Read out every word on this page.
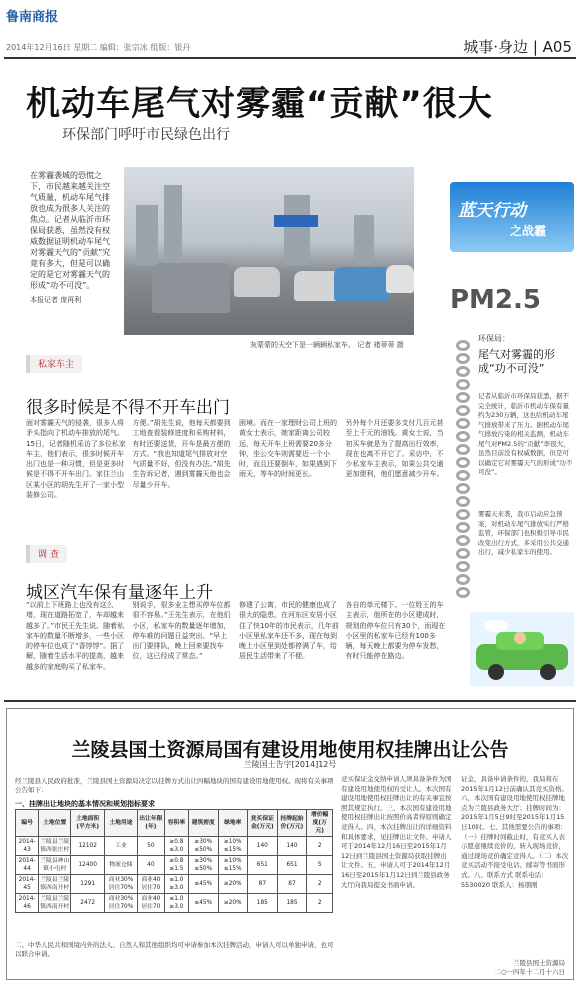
鲁南商报
2014年12月16日 星期二 编辑：张宗冰 组版：银丹	城事·身边 | A05
机动车尾气对雾霾“贡献”很大
环保部门呼吁市民绿色出行
在雾霾袭城的恐慌之下，市民越来越关注空气质量，机动车尾气排放也成为很多人关注的焦点。记者从临沂市环保局获悉，虽然没有权威数据证明机动车尾气对雾霾天气的“贡献”究竟有多大，但是可以确定的是它对雾霾天气的形成“功不可没”。
本报记者 庞再利
灰蒙蒙的天空下是一辆辆私家车。 记者 褚蒂蒂 摄
蓝天行动
之战霾
PM2.5
环保局：
尾气对雾霾的形成“功不可没”
记者从临沂市环保局获悉，据不完全统计，临沂市机动车保有量约为230万辆，这也给机动车尾气排放带来了压力。据机动车尾气排放污染的相关监测，机动车尾气对PM2.5的“贡献”率很大，虽然目前没有权威数据，但是可以确定它对雾霾天气的形成“功不可没”。
雾霾天来袭，我市启动应急预案，对机动车尾气排放实行严格监管，环保部门也积极引导市民改变出行方式，多采用公共交通出行，减少私家车的使用。
私家车主
很多时候是不得不开车出门
面对雾霾天气的侵袭，很多人将矛头指向了机动车排放的尾气。15日，记者随机采访了多位私家车主，他们表示，很多时候开车出门也是一种习惯，但是更多时候是不得不开车出门。家住兰山区某小区的胡先生开了一家小型装修公司。
方便。”胡先生说，他每天都要到工地查看装修进度和采购材料，有时还要送货，开车是最方便的方式。“我也知道尾气排放对空气质量不好，但没有办法。”胡先生告诉记者，遇到雾霾天他也会尽量少开车。
困境。而在一家理财公司上班的黄女士表示，她家距离公司较远，每天开车上班需要20多分钟，坐公交车则需要近一个小时，而且还要倒车，如果遇到下雨天，等车的时间更长。
另外每个月还要多支付几百元甚至上千元的油钱。黄女士说，当初买车就是为了提高出行效率，现在也离不开它了。采访中，不少私家车主表示，如果公共交通更加便利，他们愿意减少开车。
调 查
城区汽车保有量逐年上升
“以前上下班路上也没有这么堵，现在道路拓宽了，车却越来越多了。”市民王先生说。随着私家车的数量不断增多，一些小区的停车位也成了“香饽饽”。据了解，随着生活水平的提高，越来越多的家庭购买了私家车。
别说手，很多业主想买停车位都很不容易。”王先生表示，在他们小区，私家车的数量逐年增加，停车难的问题日益突出。“早上出门要排队，晚上回来要找车位，这已经成了常态。”
修建了公寓，市民的健康也成了很大的隐患。在河东区安居小区住了快10年的市民表示，几年前小区里私家车还不多，现在每到晚上小区里到处都停满了车，给居民生活带来了不便。
各自的单元楼下。一位姓王的车主表示，他所在的小区建成时，规划的停车位只有30个，而现在小区里的私家车已经有100多辆，每天晚上都要为停车发愁，有时只能停在路边。
兰陵县国土资源局国有建设用地使用权挂牌出让公告
兰陵国土告字[2014]12号
经兰陵县人民政府批准，兰陵县国土资源局决定以挂牌方式出让四幅地块的国有建设用地使用权。现将有关事项公告如下：
一、挂牌出让地块的基本情况和规划指标要求
编号	土地位置	土地面积(平方米)	土地用途	出让年限(年)	容积率	建筑密度	绿地率	竞买保证金(万元)	挂牌起始价(万元)	增价幅度(万元)
2014-43	兰陵县兰陵镇西张庄村	12102	工业	50	≥0.8 ≤3.0	≥30% ≤50%	≥10% ≤15%	140	140	2
2014-44	兰陵县神山镇小屯村	12400	物流仓储	40	≥0.8 ≤1.5	≥30% ≤50%	≥10% ≤15%	651	651	5
2014-45	兰陵县兰陵镇西南开村	1291	商业30% 居住70%	商业40 居住70	≤1.0 ≥3.0	≤45%	≥20%	87	87	2
2014-46	兰陵县兰陵镇西南开村	2472	商业30% 居住70%	商业40 居住70	≤1.0 ≥3.0	≤45%	≥20%	185	185	2
二、中华人民共和国境内外的法人、自然人和其他组织均可申请参加本次挂牌活动，申请人可以单独申请，也可以联合申请。
竞买保证金交纳申请人须具备条件为国有建设用地使用权的受让人。本次国有建设用地使用权挂牌出让的有关事宜按照其规定执行。三、本次国有建设用地使用权挂牌出让按照价高者得原则确定竞得人。四、本次挂牌出让的详细资料和具体要求，见挂牌出让文件。申请人可于2014年12月16日至2015年1月12日到兰陵县国土资源局获取挂牌出让文件。五、申请人可于2014年12月16日至2015年1月12日到兰陵县政务大厅向我局提交书面申请。
证金，具备申请条件的，我局将在2015年1月12日前确认其竞买资格。六、本次国有建设用地使用权挂牌地点为兰陵县政务大厅；挂牌时间为：2015年1月5日9时至2015年1月15日10时。七、其他需要公告的事项：（一）挂牌时间截止时，有竞买人表示愿意继续竞价的，转入现场竞价，通过现场竞价确定竞得人。（二）本次竞买活动不接受电话、邮寄等书面形式。八、联系方式 联系电话：5530020 联系人：杨朋刚
兰陵县国土资源局
二○一四年十二月十六日
